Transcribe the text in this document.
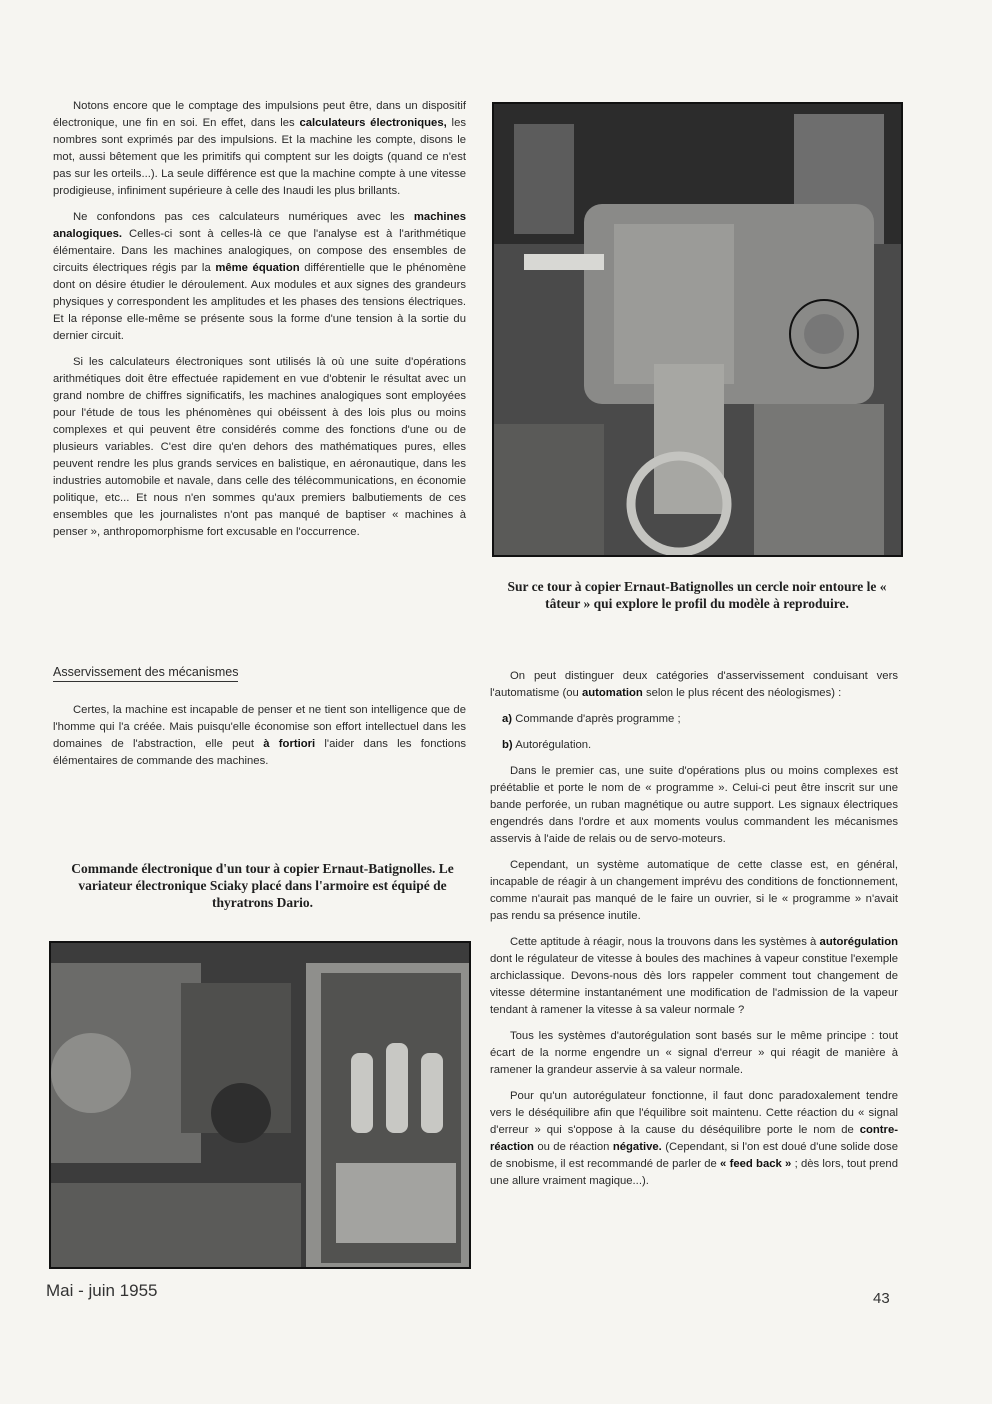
Notons encore que le comptage des impulsions peut être, dans un dispositif électronique, une fin en soi. En effet, dans les calculateurs électroniques, les nombres sont exprimés par des impulsions. Et la machine les compte, disons le mot, aussi bêtement que les primitifs qui comptent sur les doigts (quand ce n'est pas sur les orteils...). La seule différence est que la machine compte à une vitesse prodigieuse, infiniment supérieure à celle des Inaudi les plus brillants.

Ne confondons pas ces calculateurs numériques avec les machines analogiques. Celles-ci sont à celles-là ce que l'analyse est à l'arithmétique élémentaire. Dans les machines analogiques, on compose des ensembles de circuits électriques régis par la même équation différentielle que le phénomène dont on désire étudier le déroulement. Aux modules et aux signes des grandeurs physiques y correspondent les amplitudes et les phases des tensions électriques. Et la réponse elle-même se présente sous la forme d'une tension à la sortie du dernier circuit.

Si les calculateurs électroniques sont utilisés là où une suite d'opérations arithmétiques doit être effectuée rapidement en vue d'obtenir le résultat avec un grand nombre de chiffres significatifs, les machines analogiques sont employées pour l'étude de tous les phénomènes qui obéissent à des lois plus ou moins complexes et qui peuvent être considérés comme des fonctions d'une ou de plusieurs variables. C'est dire qu'en dehors des mathématiques pures, elles peuvent rendre les plus grands services en balistique, en aéronautique, dans les industries automobile et navale, dans celle des télécommunications, en économie politique, etc... Et nous n'en sommes qu'aux premiers balbutiements de ces ensembles que les journalistes n'ont pas manqué de baptiser « machines à penser », anthropomorphisme fort excusable en l'occurrence.

Sur ce tour à copier Ernaut-Batignolles un cercle noir entoure le « tâteur » qui explore le profil du modèle à reproduire.
Asservissement des mécanismes

Certes, la machine est incapable de penser et ne tient son intelligence que de l'homme qui l'a créée. Mais puisqu'elle économise son effort intellectuel dans les domaines de l'abstraction, elle peut à fortiori l'aider dans les fonctions élémentaires de commande des machines.

Commande électronique d'un tour à copier Ernaut-Batignolles. Le variateur électronique Sciaky placé dans l'armoire est équipé de thyratrons Dario.

On peut distinguer deux catégories d'asservissement conduisant vers l'automatisme (ou automation selon le plus récent des néologismes) :

a) Commande d'après programme ;

b) Autorégulation.

Dans le premier cas, une suite d'opérations plus ou moins complexes est préétablie et porte le nom de « programme ». Celui-ci peut être inscrit sur une bande perforée, un ruban magnétique ou autre support. Les signaux électriques engendrés dans l'ordre et aux moments voulus commandent les mécanismes asservis à l'aide de relais ou de servo-moteurs.

Cependant, un système automatique de cette classe est, en général, incapable de réagir à un changement imprévu des conditions de fonctionnement, comme n'aurait pas manqué de le faire un ouvrier, si le « programme » n'avait pas rendu sa présence inutile.

Cette aptitude à réagir, nous la trouvons dans les systèmes à autorégulation dont le régulateur de vitesse à boules des machines à vapeur constitue l'exemple archiclassique. Devons-nous dès lors rappeler comment tout changement de vitesse détermine instantanément une modification de l'admission de la vapeur tendant à ramener la vitesse à sa valeur normale ?

Tous les systèmes d'autorégulation sont basés sur le même principe : tout écart de la norme engendre un « signal d'erreur » qui réagit de manière à ramener la grandeur asservie à sa valeur normale.

Pour qu'un autorégulateur fonctionne, il faut donc paradoxalement tendre vers le déséquilibre afin que l'équilibre soit maintenu. Cette réaction du « signal d'erreur » qui s'oppose à la cause du déséquilibre porte le nom de contre-réaction ou de réaction négative. (Cependant, si l'on est doué d'une solide dose de snobisme, il est recommandé de parler de « feed back » ; dès lors, tout prend une allure vraiment magique...).

Mai - juin 1955	43
